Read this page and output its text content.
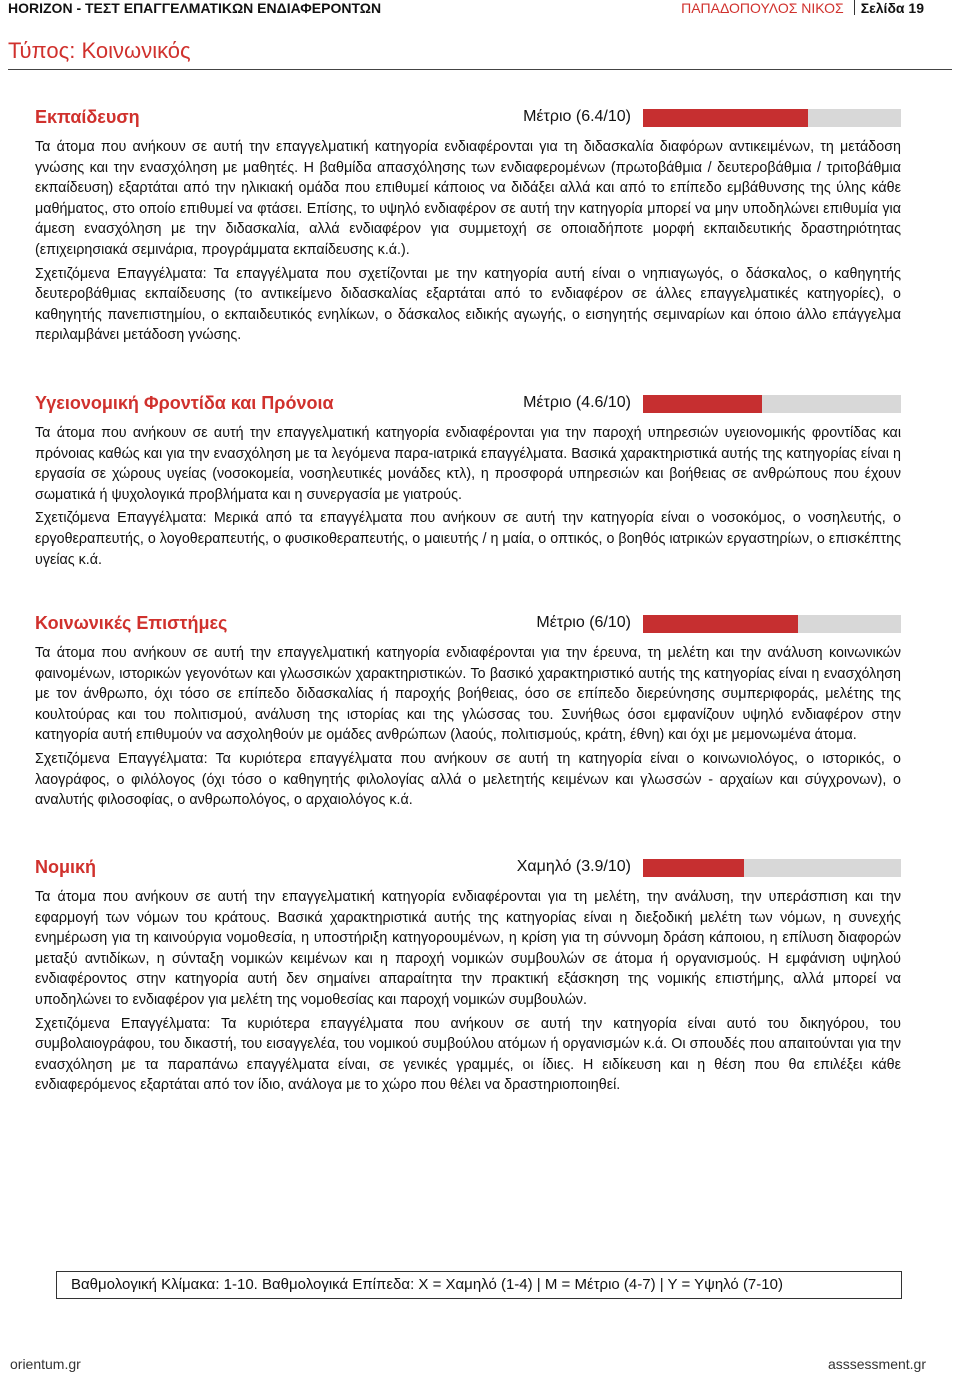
HORIZON - ΤΕΣΤ ΕΠΑΓΓΕΛΜΑΤΙΚΩΝ ΕΝΔΙΑΦΕΡΟΝΤΩΝ	ΠΑΠΑΔΟΠΟΥΛΟΣ ΝΙΚΟΣ Σελίδα 19
Τύπος: Κοινωνικός
Εκπαίδευση	Μέτριο (6.4/10)

Τα άτομα που ανήκουν σε αυτή την επαγγελματική κατηγορία ενδιαφέρονται για τη διδασκαλία διαφόρων αντικειμένων, τη μετάδοση γνώσης και την ενασχόληση με μαθητές. Η βαθμίδα απασχόλησης των ενδιαφερομένων (πρωτοβάθμια / δευτεροβάθμια / τριτοβάθμια εκπαίδευση) εξαρτάται από την ηλικιακή ομάδα που επιθυμεί κάποιος να διδάξει αλλά και από το επίπεδο εμβάθυνσης της ύλης κάθε μαθήματος, στο οποίο επιθυμεί να φτάσει. Επίσης, το υψηλό ενδιαφέρον σε αυτή την κατηγορία μπορεί να μην υποδηλώνει επιθυμία για άμεση ενασχόληση με την διδασκαλία, αλλά ενδιαφέρον για συμμετοχή σε οποιαδήποτε μορφή εκπαιδευτικής δραστηριότητας (επιχειρησιακά σεμινάρια, προγράμματα εκπαίδευσης κ.ά.).

Σχετιζόμενα Επαγγέλματα: Τα επαγγέλματα που σχετίζονται με την κατηγορία αυτή είναι ο νηπιαγωγός, ο δάσκαλος, ο καθηγητής δευτεροβάθμιας εκπαίδευσης (το αντικείμενο διδασκαλίας εξαρτάται από το ενδιαφέρον σε άλλες επαγγελματικές κατηγορίες), ο καθηγητής πανεπιστημίου, ο εκπαιδευτικός ενηλίκων, ο δάσκαλος ειδικής αγωγής, ο εισηγητής σεμιναρίων και όποιο άλλο επάγγελμα περιλαμβάνει μετάδοση γνώσης.

Υγειονομική Φροντίδα και Πρόνοια	Μέτριο (4.6/10)

Τα άτομα που ανήκουν σε αυτή την επαγγελματική κατηγορία ενδιαφέρονται για την παροχή υπηρεσιών υγειονομικής φροντίδας και πρόνοιας καθώς και για την ενασχόληση με τα λεγόμενα παρα-ιατρικά επαγγέλματα. Βασικά χαρακτηριστικά αυτής της κατηγορίας είναι η εργασία σε χώρους υγείας (νοσοκομεία, νοσηλευτικές μονάδες κτλ), η προσφορά υπηρεσιών και βοήθειας σε ανθρώπους που έχουν σωματικά ή ψυχολογικά προβλήματα και η συνεργασία με γιατρούς.

Σχετιζόμενα Επαγγέλματα: Μερικά από τα επαγγέλματα που ανήκουν σε αυτή την κατηγορία είναι ο νοσοκόμος, ο νοσηλευτής, ο εργοθεραπευτής, ο λογοθεραπευτής, ο φυσικοθεραπευτής, ο μαιευτής / η μαία, ο οπτικός, ο βοηθός ιατρικών εργαστηρίων, ο επισκέπτης υγείας κ.ά.

Κοινωνικές Επιστήμες	Μέτριο (6/10)

Τα άτομα που ανήκουν σε αυτή την επαγγελματική κατηγορία ενδιαφέρονται για την έρευνα, τη μελέτη και την ανάλυση κοινωνικών φαινομένων, ιστορικών γεγονότων και γλωσσικών χαρακτηριστικών. Το βασικό χαρακτηριστικό αυτής της κατηγορίας είναι η ενασχόληση με τον άνθρωπο, όχι τόσο σε επίπεδο διδασκαλίας ή παροχής βοήθειας, όσο σε επίπεδο διερεύνησης συμπεριφοράς, μελέτης της κουλτούρας και του πολιτισμού, ανάλυση της ιστορίας και της γλώσσας του. Συνήθως όσοι εμφανίζουν υψηλό ενδιαφέρον στην κατηγορία αυτή επιθυμούν να ασχοληθούν με ομάδες ανθρώπων (λαούς, πολιτισμούς, κράτη, έθνη) και όχι με μεμονωμένα άτομα.

Σχετιζόμενα Επαγγέλματα: Τα κυριότερα επαγγέλματα που ανήκουν σε αυτή τη κατηγορία είναι ο κοινωνιολόγος, ο ιστορικός, ο λαογράφος, ο φιλόλογος (όχι τόσο ο καθηγητής φιλολογίας αλλά ο μελετητής κειμένων και γλωσσών - αρχαίων και σύγχρονων), ο αναλυτής φιλοσοφίας, ο ανθρωπολόγος, ο αρχαιολόγος κ.ά.

Νομική	Χαμηλό (3.9/10)

Τα άτομα που ανήκουν σε αυτή την επαγγελματική κατηγορία ενδιαφέρονται για τη μελέτη, την ανάλυση, την υπεράσπιση και την εφαρμογή των νόμων του κράτους. Βασικά χαρακτηριστικά αυτής της κατηγορίας είναι η διεξοδική μελέτη των νόμων, η συνεχής ενημέρωση για τη καινούργια νομοθεσία, η υποστήριξη κατηγορουμένων, η κρίση για τη σύννομη δράση κάποιου, η επίλυση διαφορών μεταξύ αντιδίκων, η σύνταξη νομικών κειμένων και η παροχή νομικών συμβουλών σε άτομα ή οργανισμούς. Η εμφάνιση υψηλού ενδιαφέροντος στην κατηγορία αυτή δεν σημαίνει απαραίτητα την πρακτική εξάσκηση της νομικής επιστήμης, αλλά μπορεί να υποδηλώνει το ενδιαφέρον για μελέτη της νομοθεσίας και παροχή νομικών συμβουλών.

Σχετιζόμενα Επαγγέλματα: Τα κυριότερα επαγγέλματα που ανήκουν σε αυτή την κατηγορία είναι αυτό του δικηγόρου, του συμβολαιογράφου, του δικαστή, του εισαγγελέα, του νομικού συμβούλου ατόμων ή οργανισμών κ.ά. Οι σπουδές που απαιτούνται για την ενασχόληση με τα παραπάνω επαγγέλματα είναι, σε γενικές γραμμές, οι ίδιες. Η ειδίκευση και η θέση που θα επιλέξει κάθε ενδιαφερόμενος εξαρτάται από τον ίδιο, ανάλογα με το χώρο που θέλει να δραστηριοποιηθεί.

Βαθμολογική Κλίμακα: 1-10. Βαθμολογικά Επίπεδα: Χ = Χαμηλό (1-4) | Μ = Μέτριο (4-7) | Υ = Υψηλό (7-10)
orientum.gr	asssessment.gr
